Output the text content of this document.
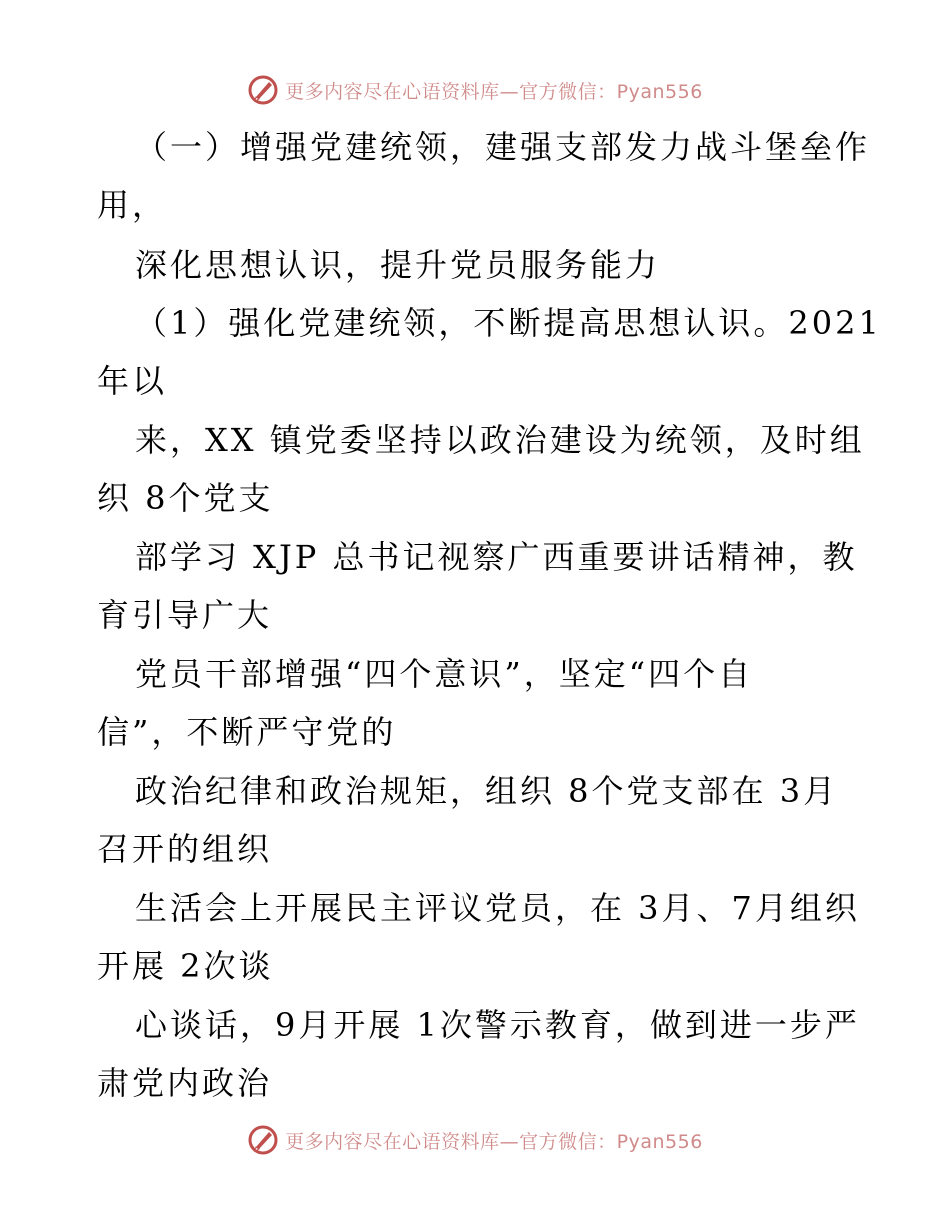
更多内容尽在心语资料库—官方微信：Pyan556
（一）增强党建统领，建强支部发力战斗堡垒作
用，
深化思想认识，提升党员服务能力
（1）强化党建统领，不断提高思想认识。2021
年以
来，XX 镇党委坚持以政治建设为统领，及时组
织 8个党支
部学习 XJP 总书记视察广西重要讲话精神，教
育引导广大
党员干部增强“四个意识”，坚定“四个自
信”，不断严守党的
政治纪律和政治规矩，组织 8个党支部在 3月
召开的组织
生活会上开展民主评议党员，在 3月、7月组织
开展 2次谈
心谈话，9月开展 1次警示教育，做到进一步严
肃党内政治
更多内容尽在心语资料库—官方微信：Pyan556
